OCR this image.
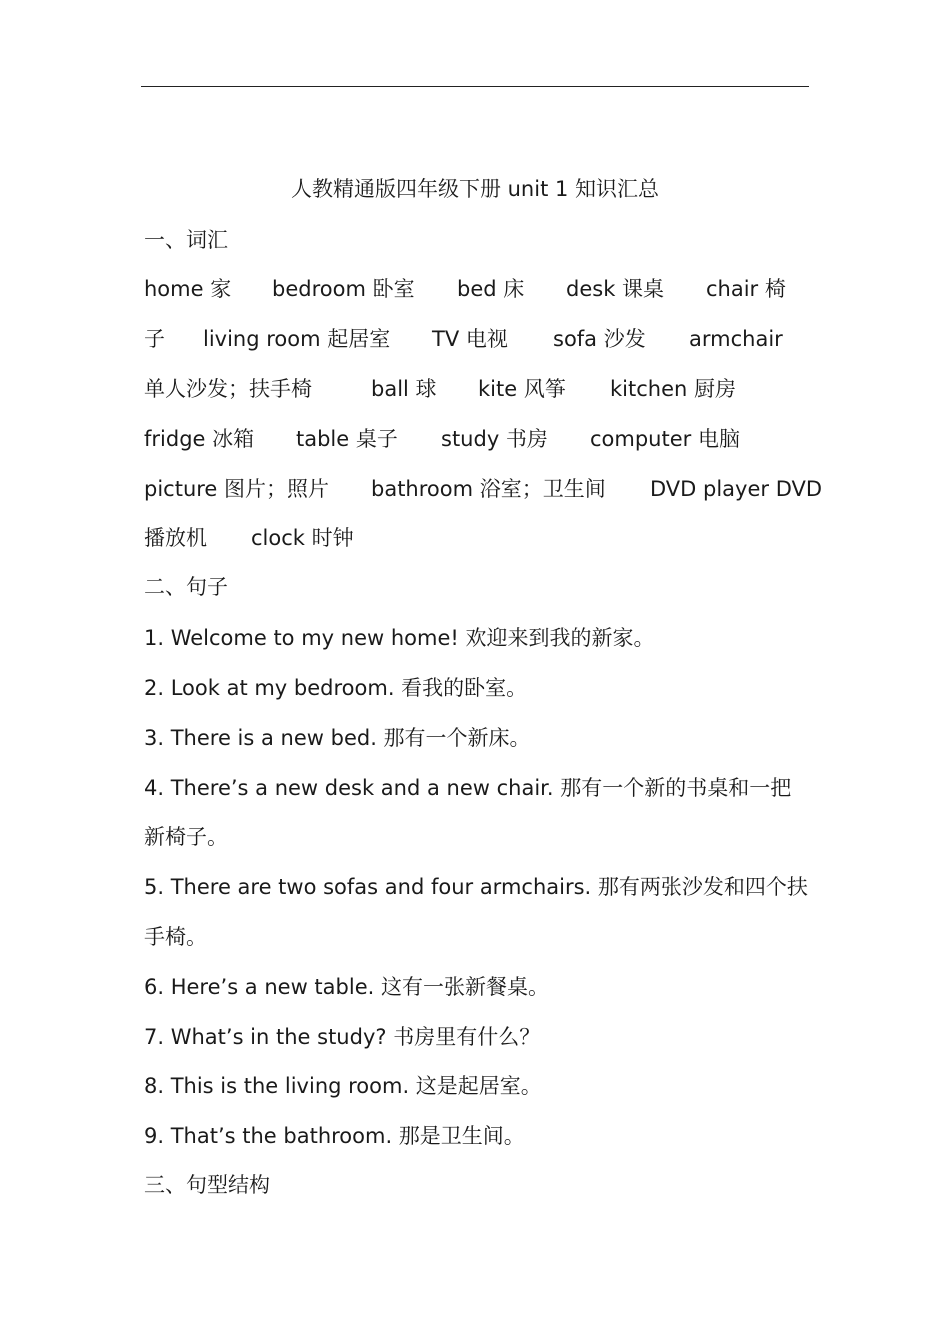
人教精通版四年级下册 unit 1 知识汇总
一、词汇
home 家 bedroom 卧室 bed 床 desk 课桌 chair 椅
子 living room 起居室 TV 电视 sofa 沙发 armchair
单人沙发；扶手椅	ball 球 kite 风筝 kitchen 厨房
fridge 冰箱 table 桌子 study 书房 computer 电脑
picture 图片；照片 bathroom 浴室；卫生间 DVD player DVD
播放机 clock 时钟
二、句子
1. Welcome to my new home! 欢迎来到我的新家。
2. Look at my bedroom. 看我的卧室。
3. There is a new bed. 那有一个新床。
4. There’s a new desk and a new chair. 那有一个新的书桌和一把
新椅子。
5. There are two sofas and four armchairs. 那有两张沙发和四个扶
手椅。
6. Here’s a new table. 这有一张新餐桌。
7. What’s in the study? 书房里有什么？
8. This is the living room. 这是起居室。
9. That’s the bathroom. 那是卫生间。
三、句型结构
